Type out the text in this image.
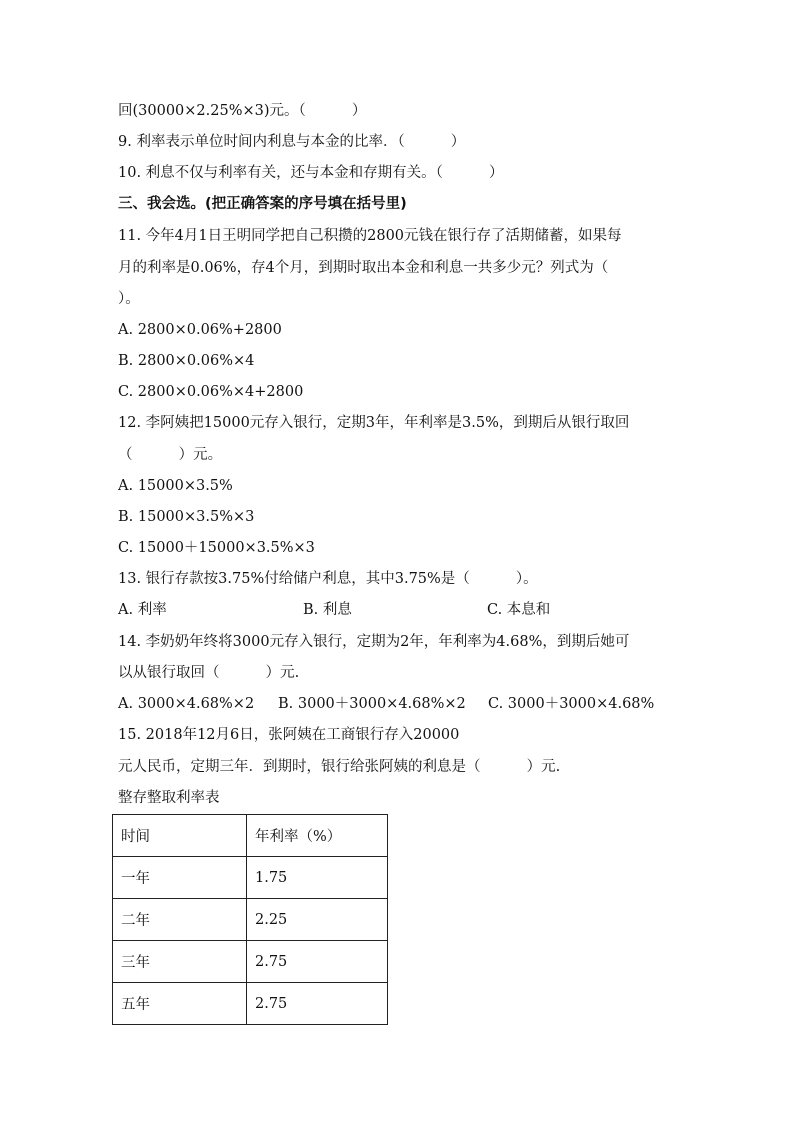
回(30000×2.25%×3)元。（          ）
9. 利率表示单位时间内利息与本金的比率．（          ）
10. 利息不仅与利率有关，还与本金和存期有关。（          ）
三、我会选。(把正确答案的序号填在括号里)
11. 今年4月1日王明同学把自己积攒的2800元钱在银行存了活期储蓄，如果每
月的利率是0.06%，存4个月，到期时取出本金和利息一共多少元？列式为（
）。
A. 2800×0.06%+2800
B. 2800×0.06%×4
C. 2800×0.06%×4+2800
12. 李阿姨把15000元存入银行，定期3年，年利率是3.5%，到期后从银行取回
（          ）元。
A. 15000×3.5%
B. 15000×3.5%×3
C. 15000＋15000×3.5%×3
13. 银行存款按3.75%付给储户利息，其中3.75%是（          ）。
A. 利率	B. 利息	C. 本息和
14. 李奶奶年终将3000元存入银行，定期为2年，年利率为4.68%，到期后她可
以从银行取回（          ）元.
A. 3000×4.68%×2 B. 3000＋3000×4.68%×2 C. 3000＋3000×4.68%
15. 2018年12月6日，张阿姨在工商银行存入20000
元人民币，定期三年．到期时，银行给张阿姨的利息是（          ）元.
整存整取利率表
时间	年利率（%）
一年	1.75
二年	2.25
三年	2.75
五年	2.75
